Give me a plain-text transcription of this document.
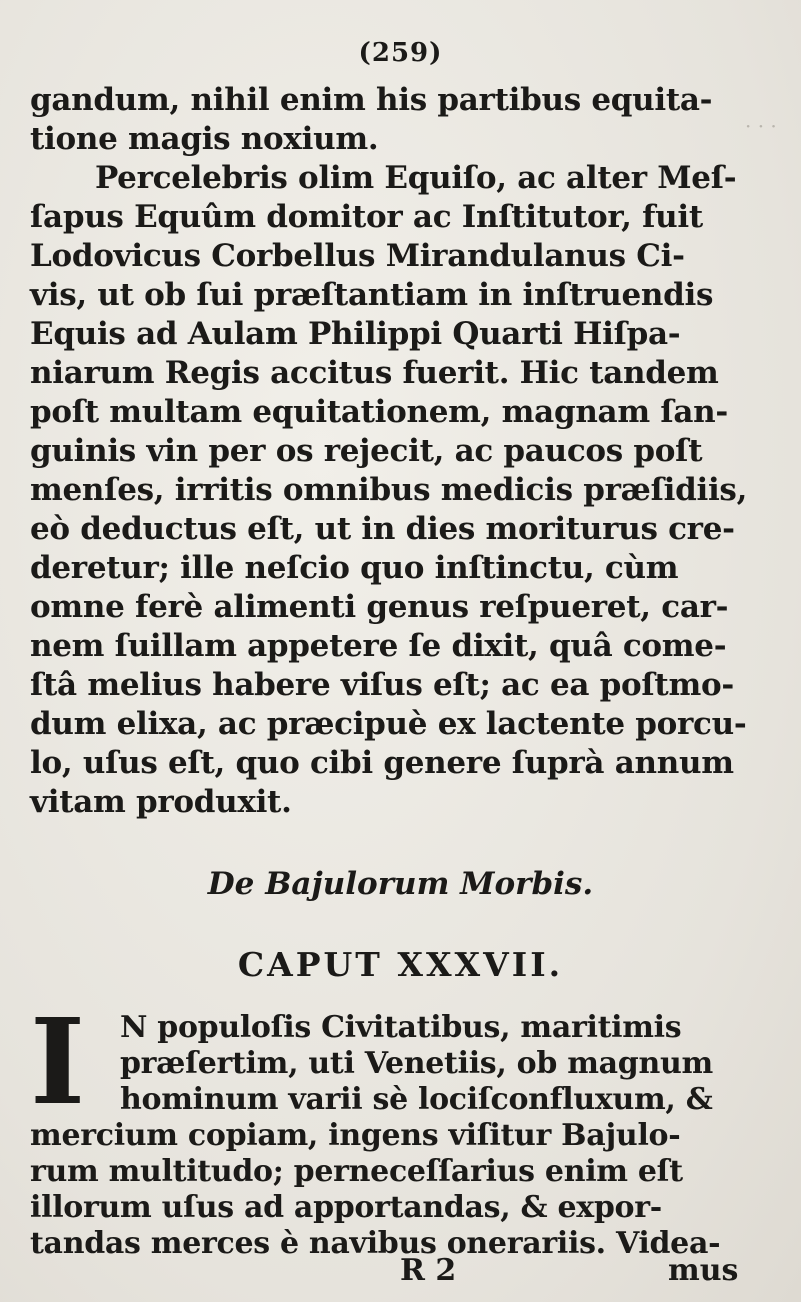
(259)
gandum, nihil enim his partibus equita-
tione magis noxium.	· · ·
Percelebris olim Equiſo, ac alter Meſ-
ſapus Equûm domitor ac Inſtitutor, fuit
Lodovicus Corbellus Mirandulanus Ci-
vis, ut ob ſui præſtantiam in inſtruendis
Equis ad Aulam Philippi Quarti Hiſpa-
niarum Regis accitus fuerit. Hic tandem
poſt multam equitationem, magnam ſan-
guinis vin per os rejecit, ac paucos poſt
menſes, irritis omnibus medicis præſidiis,
eò deductus eſt, ut in dies moriturus cre-
deretur; ille neſcio quo inſtinctu, cùm
omne ferè alimenti genus reſpueret, car-
nem ſuillam appetere ſe dixit, quâ come-
ſtâ melius habere viſus eſt; ac ea poſtmo-
dum elixa, ac præcipuè ex lactente porcu-
lo, uſus eſt, quo cibi genere ſuprà annum
vitam produxit.
De Bajulorum Morbis.
CAPUT XXXVII.
I N populoſis Civitatibus, maritimis
præſertim, uti Venetiis, ob magnum
hominum varii sè lociſconfluxum, &
mercium copiam, ingens viſitur Bajulo-
rum multitudo; perneceſſarius enim eſt
illorum uſus ad apportandas, & expor-
R 2	mus
tandas merces è navibus onerariis. Videa-
